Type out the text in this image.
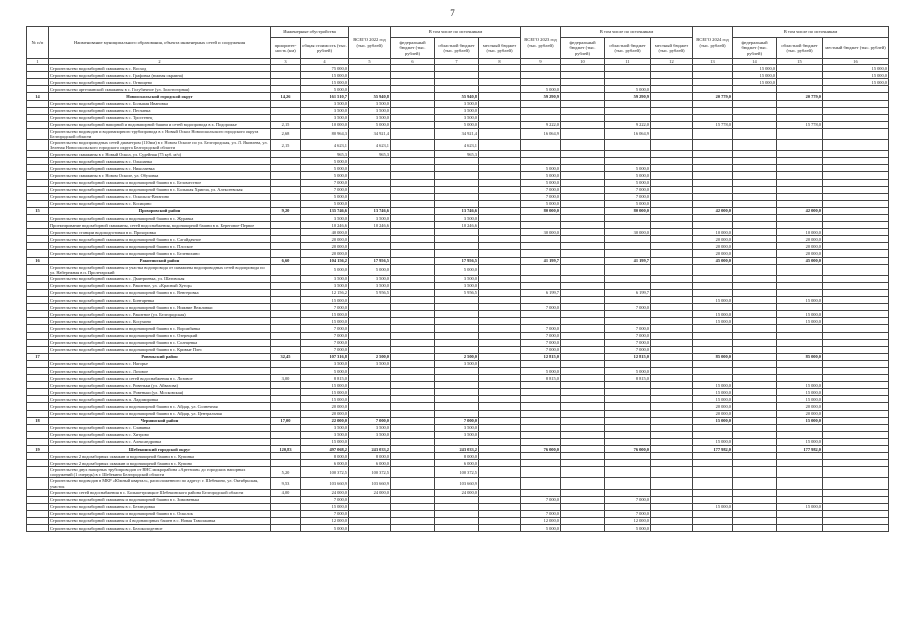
7
№ п/п	Наименование муниципального образования, объекта инженерных сетей и сооружения	Инженерные обустройства		ВСЕГО 2022 год (тыс. рублей)	В том числе по источникам			ВСЕГО 2023 год (тыс. рублей)	В том числе по источникам			ВСЕГО 2024 год (тыс. рублей)	В том числе по источникам		
		приоритет-ность (км)	общая стоимость (тыс. рублей)		федеральный бюджет (тыс. рублей)	областной бюджет (тыс. рублей)	местный бюджет (тыс. рублей)		федеральный бюджет (тыс. рублей)	областной бюджет (тыс. рублей)	местный бюджет (тыс. рублей)		федеральный бюджет (тыс. рублей)	областной бюджет (тыс. рублей)	местный бюджет (тыс. рублей)

1	2	3	4	5	6	7	8	9	10	11	12	13	14	15	16
	Строительство водозаборной скважины в с. Восход		75 000,0										15 000,0		15 000,0
	Строительство водозаборной скважины в с. Графовка (южная окраина)		15 000,0										15 000,0		15 000,0
	Строительство водозаборной скважины в с. Огнищево		15 000,0										15 000,0		15 000,0
	Строительство артезианской скважины в с. Голубичное (ул. Золотогорная)		5 000,0					5 000,0		5 000,0					
14	Новооскольский городской округ	14,26	161 510,7	55 940,8		55 940,8		59 290,9		59 290,9		20 779,0		20 779,0	
	Строительство водозаборной скважины в с. Большая Ивановка		3 500,0	3 500,0		3 500,0									
	Строительство водозаборной скважины в с. Песчанка		3 500,0	3 500,0		3 500,0									
	Строительство водозаборной скважины в с. Тростенец		3 500,0	3 500,0		3 500,0									
	Строительство водозаборной напорной и водонапорной башни и сетей водопровода в х. Подорожье	2,15	10 000,0	5 000,0		5 000,0		9 222,0		9 222,0		15 778,0		15 778,0	
	Строительство водоводов и водонапорного трубопровода в г. Новый Оскол Новооскольского городского округа Белгородской области	2,68	80 964,3	34 921,4		34 921,4		16 064,9		16 064,9					
	Строительство водопроводных сетей диаметром (110мм) в г. Новом Осколе по ул. Белгородская, ул. Л. Яковлева, ул. Зеленая Новооскольского городского округа Белгородской области	2,15	4 623,1	4 623,1		4 623,1									
	Строительство скважины в г. Новый Оскол, ул. Судейная (75 куб. м/ч)		965,3	965,3		965,3									
	Строительство водозаборной скважины в с. Ольшанка		5 000,0												
	Строительство водозаборной скважины в с. Николаевка		5 000,0					5 000,0		5 000,0					
	Строительство скважины в г. Новом Осколе, ул. Обуховка		5 000,0					5 000,0		5 000,0					
	Строительство водозаборной скважины и водонапорной башни в с. Беломестное		7 000,0					5 000,0		5 000,0					
	Строительство водозаборной скважины и водонапорной башни в с. Большая Хрипча, ул. Алексеевская		7 000,0					7 000,0		7 000,0					
	Строительство водозаборной скважины в с. Оскольск-Ватагино		5 000,0					7 000,0		7 000,0					
	Строительство водозаборной скважины в с. Косицино		5 000,0					5 000,0		5 000,0					
15	Прохоровский район	9,20	135 746,6	13 746,6		13 746,6		80 000,0		80 000,0		42 000,0		42 000,0	
	Строительство водозаборной скважины и водонапорной башни в с. Журавка		3 500,0	3 500,0		3 500,0									
	Проектирование водозаборной скважины, сетей водоснабжения, водонапорной башни в п. Береговое-Первое		10 246,6	10 246,6		10 246,6									
	Строительство станции водоподготовки в п. Прохоровка		40 000,0					30 000,0		30 000,0		10 000,0		10 000,0	
	Строительство водозаборной скважины и водонапорной башни в с. Сагайдачное		20 000,0									20 000,0		20 000,0	
	Строительство водозаборной скважины и водонапорной башни в с. Плоское		20 000,0									20 000,0		20 000,0	
	Строительство водозаборной скважины и водонапорной башни в с. Беленихино		20 000,0									20 000,0		20 000,0	
16	Ракитянский район	6,60	104 156,2	17 956,5		17 956,5		41 199,7		41 199,7		45 000,0		45 000,0	
	Строительство водозаборной скважины и участка водопровода от скважины водопроводных сетей водопровода по ул. Набережная в п. Пролетарский		5 000,0	5 000,0		5 000,0									
	Строительство водозаборной скважины в с. Дмитриевка, ул. Шатовская		3 500,0	3 500,0		3 500,0									
	Строительство водозаборной скважины в с. Ракитное, ул. «Красный Хутор»		3 500,0	3 500,0		3 500,0									
	Строительство водозаборной скважины и водонапорной башни в с. Венгеровка		12 156,2	5 956,5		5 956,5		6 199,7		6 199,7					
	Строительство водозаборной скважины в с. Бонтаревка		15 000,0									15 000,0		15 000,0	
	Строительство водозаборной скважины и водонапорной башни в с. Нижние Вежливки		7 000,0					7 000,0		7 000,0					
	Строительство водозаборной скважины в с. Ракитное (ул. Белгородская)		15 000,0									15 000,0		15 000,0	
	Строительство водозаборной скважины в с. Косухино		15 000,0									15 000,0		15 000,0	
	Строительство водозаборной скважины и водонапорной башни в с. Ворожбянка		7 000,0					7 000,0		7 000,0					
	Строительство водозаборной скважины и водонапорной башни в с. Озерецкий		7 000,0					7 000,0		7 000,0					
	Строительство водозаборной скважины и водонапорной башни в с. Солнцевка		7 000,0					7 000,0		7 000,0					
	Строительство водозаборной скважины и водонапорной башни в с. Кривые Плес		7 000,0					7 000,0		7 000,0					
17	Ровеньский район	32,45	107 316,8	2 500,0		2 500,0		12 815,0		12 815,0		85 000,0		85 000,0	
	Строительство водозаборной скважины в с. Нагорье		3 500,0	3 500,0		3 500,0									
	Строительство водозаборной скважины в с. Лозовое		5 000,0					5 000,0		5 000,0					
	Строительство водозаборной скважины и сетей водоснабжения в с. Лозовое	3,00	8 815,0					8 815,0		8 815,0					
	Строительство водозаборной скважины в с. Ровеньки (ул. Айвазова)		15 000,0									15 000,0		15 000,0	
	Строительство водозаборной скважины в п. Ровеньки (ул. Московская)		15 000,0									15 000,0		15 000,0	
	Строительство водозаборной скважины в п. Ладомировка		15 000,0									15 000,0		15 000,0	
	Строительство водозаборной скважины и водонапорной башни в с. Айдар, ул. Солнечная		20 000,0									20 000,0		20 000,0	
	Строительство водозаборной скважины и водонапорной башни в с. Айдар, ул. Центральная		20 000,0									20 000,0		20 000,0	
18	Чернянский район	17,00	22 000,0	7 000,0		7 000,0						15 000,0		15 000,0	
	Строительство водозаборной скважины в с. Славянка		3 500,0	3 500,0		3 500,0									
	Строительство водозаборной скважины в с. Хитрово		3 500,0	3 500,0		3 500,0									
	Строительство водозаборной скважины в с. Александровка		15 000,0									15 000,0		15 000,0	
19	Шебекинский городской округ	120,83	497 068,2	243 033,2		243 033,2		76 000,0		76 000,0		177 982,0		177 982,0	
	Строительство 2 водозаборных скважин и водонапорной башни в с. Купинка		8 000,0	8 000,0		8 000,0									
	Строительство 2 водозаборных скважин и водонапорной башни в с. Купино		6 000,0	6 000,0		6 000,0									
	Строительство двух напорных трубопроводов от ВНС микрорайона «Артезиан» до городских напорных сооружений (1 очередь) в г. Шебекино Белгородской области	5,20	100 372,5	100 372,5		100 372,5									
	Строительство водоводов в МКР «Южный квартал», расположенного по адресу: г. Шебекино, ул. Октябрьская, участок	9,53	103 660,9	103 660,9		103 660,9									
	Строительство сетей водоснабжения в с. Большетроицкое Шебекинского района Белгородской области	4,00	24 000,0	24 000,0		24 000,0									
	Строительство водозаборной скважины и водонапорной башни в с. Зимовенька		7 000,0					7 000,0		7 000,0					
	Строительство водозаборной скважины в с. Безлюдовка		15 000,0									15 000,0		15 000,0	
	Строительство водозаборной скважины и водонапорной башни в с. Осколок		7 000,0					7 000,0		7 000,0					
	Строительство водозаборной скважины и 4 водонапорных башен в с. Новая Таволжанка		12 000,0					12 000,0		12 000,0					
	Строительство водозаборной скважины в с. Белоколодезное		5 000,0					5 000,0		5 000,0					
